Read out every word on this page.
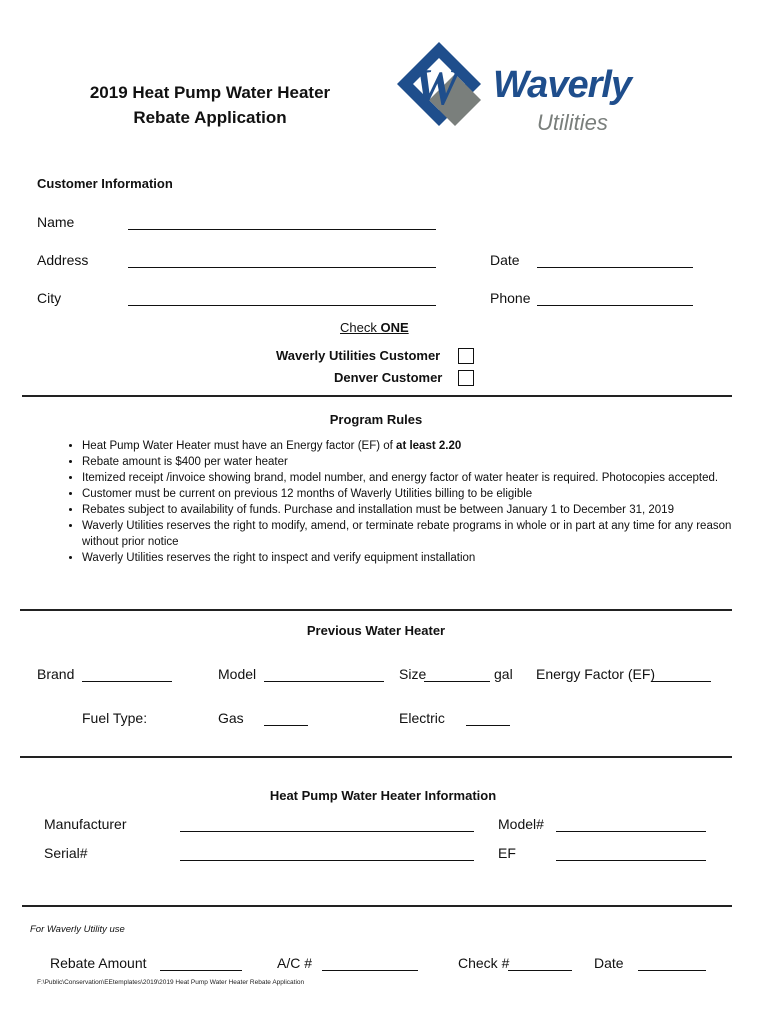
2019 Heat Pump Water Heater
Rebate Application
W Waverly
Utilities
Customer Information
Name
Address	Date
City	Phone
Check ONE
Waverly Utilities Customer
Denver Customer
Program Rules
• Heat Pump Water Heater must have an Energy factor (EF) of at least 2.20
• Rebate amount is $400 per water heater
• Itemized receipt /invoice showing brand, model number, and energy factor of water heater is required. Photocopies accepted.
• Customer must be current on previous 12 months of Waverly Utilities billing to be eligible
• Rebates subject to availability of funds. Purchase and installation must be between January 1 to December 31, 2019
• Waverly Utilities reserves the right to modify, amend, or terminate rebate programs in whole or in part at any time for any reason without prior notice
• Waverly Utilities reserves the right to inspect and verify equipment installation
Previous Water Heater
Brand	Model	Size	gal Energy Factor (EF)
Fuel Type:	Gas	Electric
Heat Pump Water Heater Information
Manufacturer	Model#
Serial#	EF
For Waverly Utility use
Rebate Amount	A/C #	Check #	Date
F:\Public\Conservation\EEtemplates\2019\2019 Heat Pump Water Heater Rebate Application
